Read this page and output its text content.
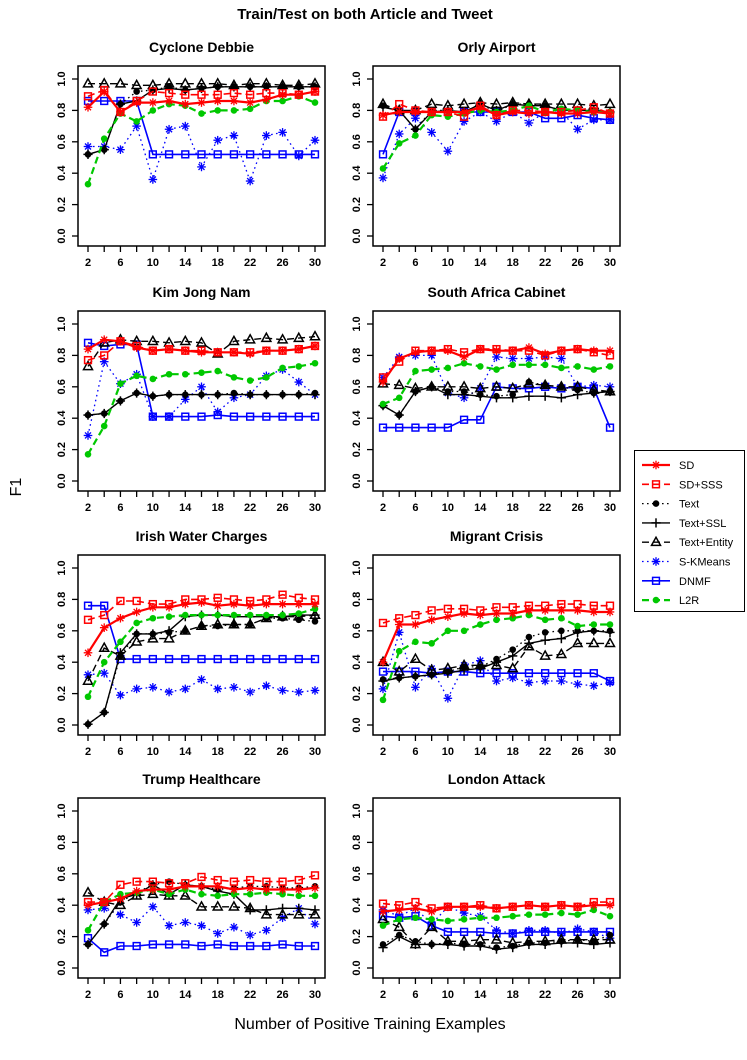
Train/Test on both Article and Tweet
F1
Cyclone Debbie
0.0
0.2
0.4
0.6
0.8
1.0
2 6 10 14 18 22 26 30
Orly Airport
0.0
0.2
0.4
0.6
0.8
1.0
2 6 10 14 18 22 26 30
Kim Jong Nam
0.0
0.2
0.4
0.6
0.8
1.0
2 6 10 14 18 22 26 30
South Africa Cabinet
0.0
0.2
0.4
0.6
0.8
1.0
2 6 10 14 18 22 26 30
Irish Water Charges
0.0
0.2
0.4
0.6
0.8
1.0
2 6 10 14 18 22 26 30
Migrant Crisis
0.0
0.2
0.4
0.6
0.8
1.0
2 6 10 14 18 22 26 30
Trump Healthcare
0.0
0.2
0.4
0.6
0.8
1.0
2 6 10 14 18 22 26 30
London Attack
0.0
0.2
0.4
0.6
0.8
1.0
2 6 10 14 18 22 26 30
SD
SD+SSS
Text
Text+SSL
Text+Entity
S-KMeans
DNMF
L2R
Number of Positive Training Examples
